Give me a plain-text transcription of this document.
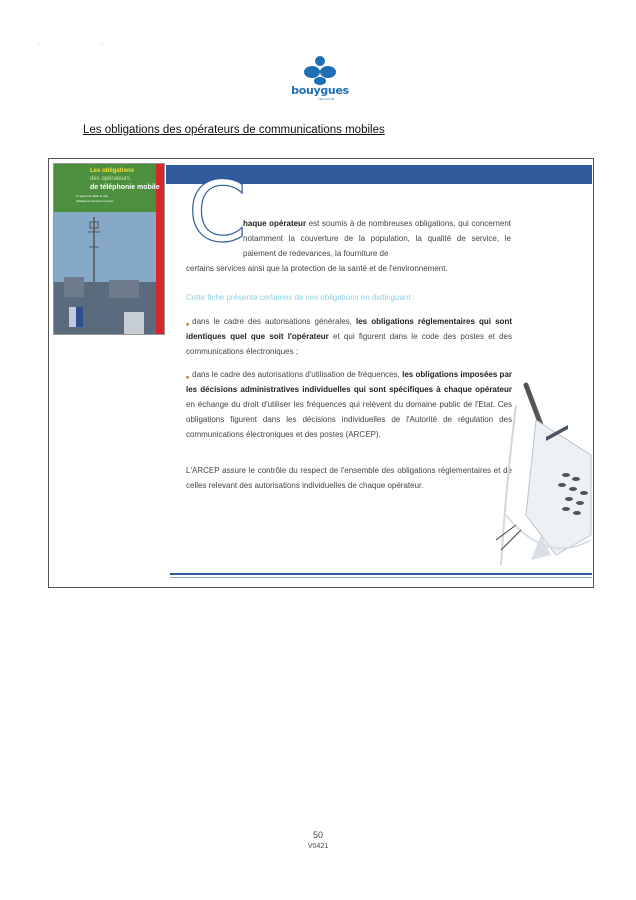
, ,
bouygues
TELECOM
Les obligations des opérateurs de communications mobiles
Les obligations
des opérateurs
de téléphonie mobile
à l'égard de l'État et des
utilisateurs de leurs services C
haque opérateur est soumis à de nombreuses obligations, qui concernent notamment la couverture de la population, la qualité de service, le paiement de redevances, la fourniture de
certains services ainsi que la protection de la santé et de l'environnement.
Cette fiche présente certaines de ces obligations en distinguant :
❟ dans le cadre des autorisations générales, les obligations réglementaires qui sont identiques quel que soit l'opérateur et qui figurent dans le code des postes et des communications électroniques ;
❟ dans le cadre des autorisations d'utilisation de fréquences, les obligations imposées par les décisions administratives individuelles qui sont spécifiques à chaque opérateur en échange du droit d'utiliser les fréquences qui relèvent du domaine public de l'Etat. Ces obligations figurent dans les décisions individuelles de l'Autorité de régulation des communications électroniques et des postes (ARCEP).
L'ARCEP assure le contrôle du respect de l'ensemble des obligations réglementaires et de celles relevant des autorisations individuelles de chaque opérateur.
50
V0421
